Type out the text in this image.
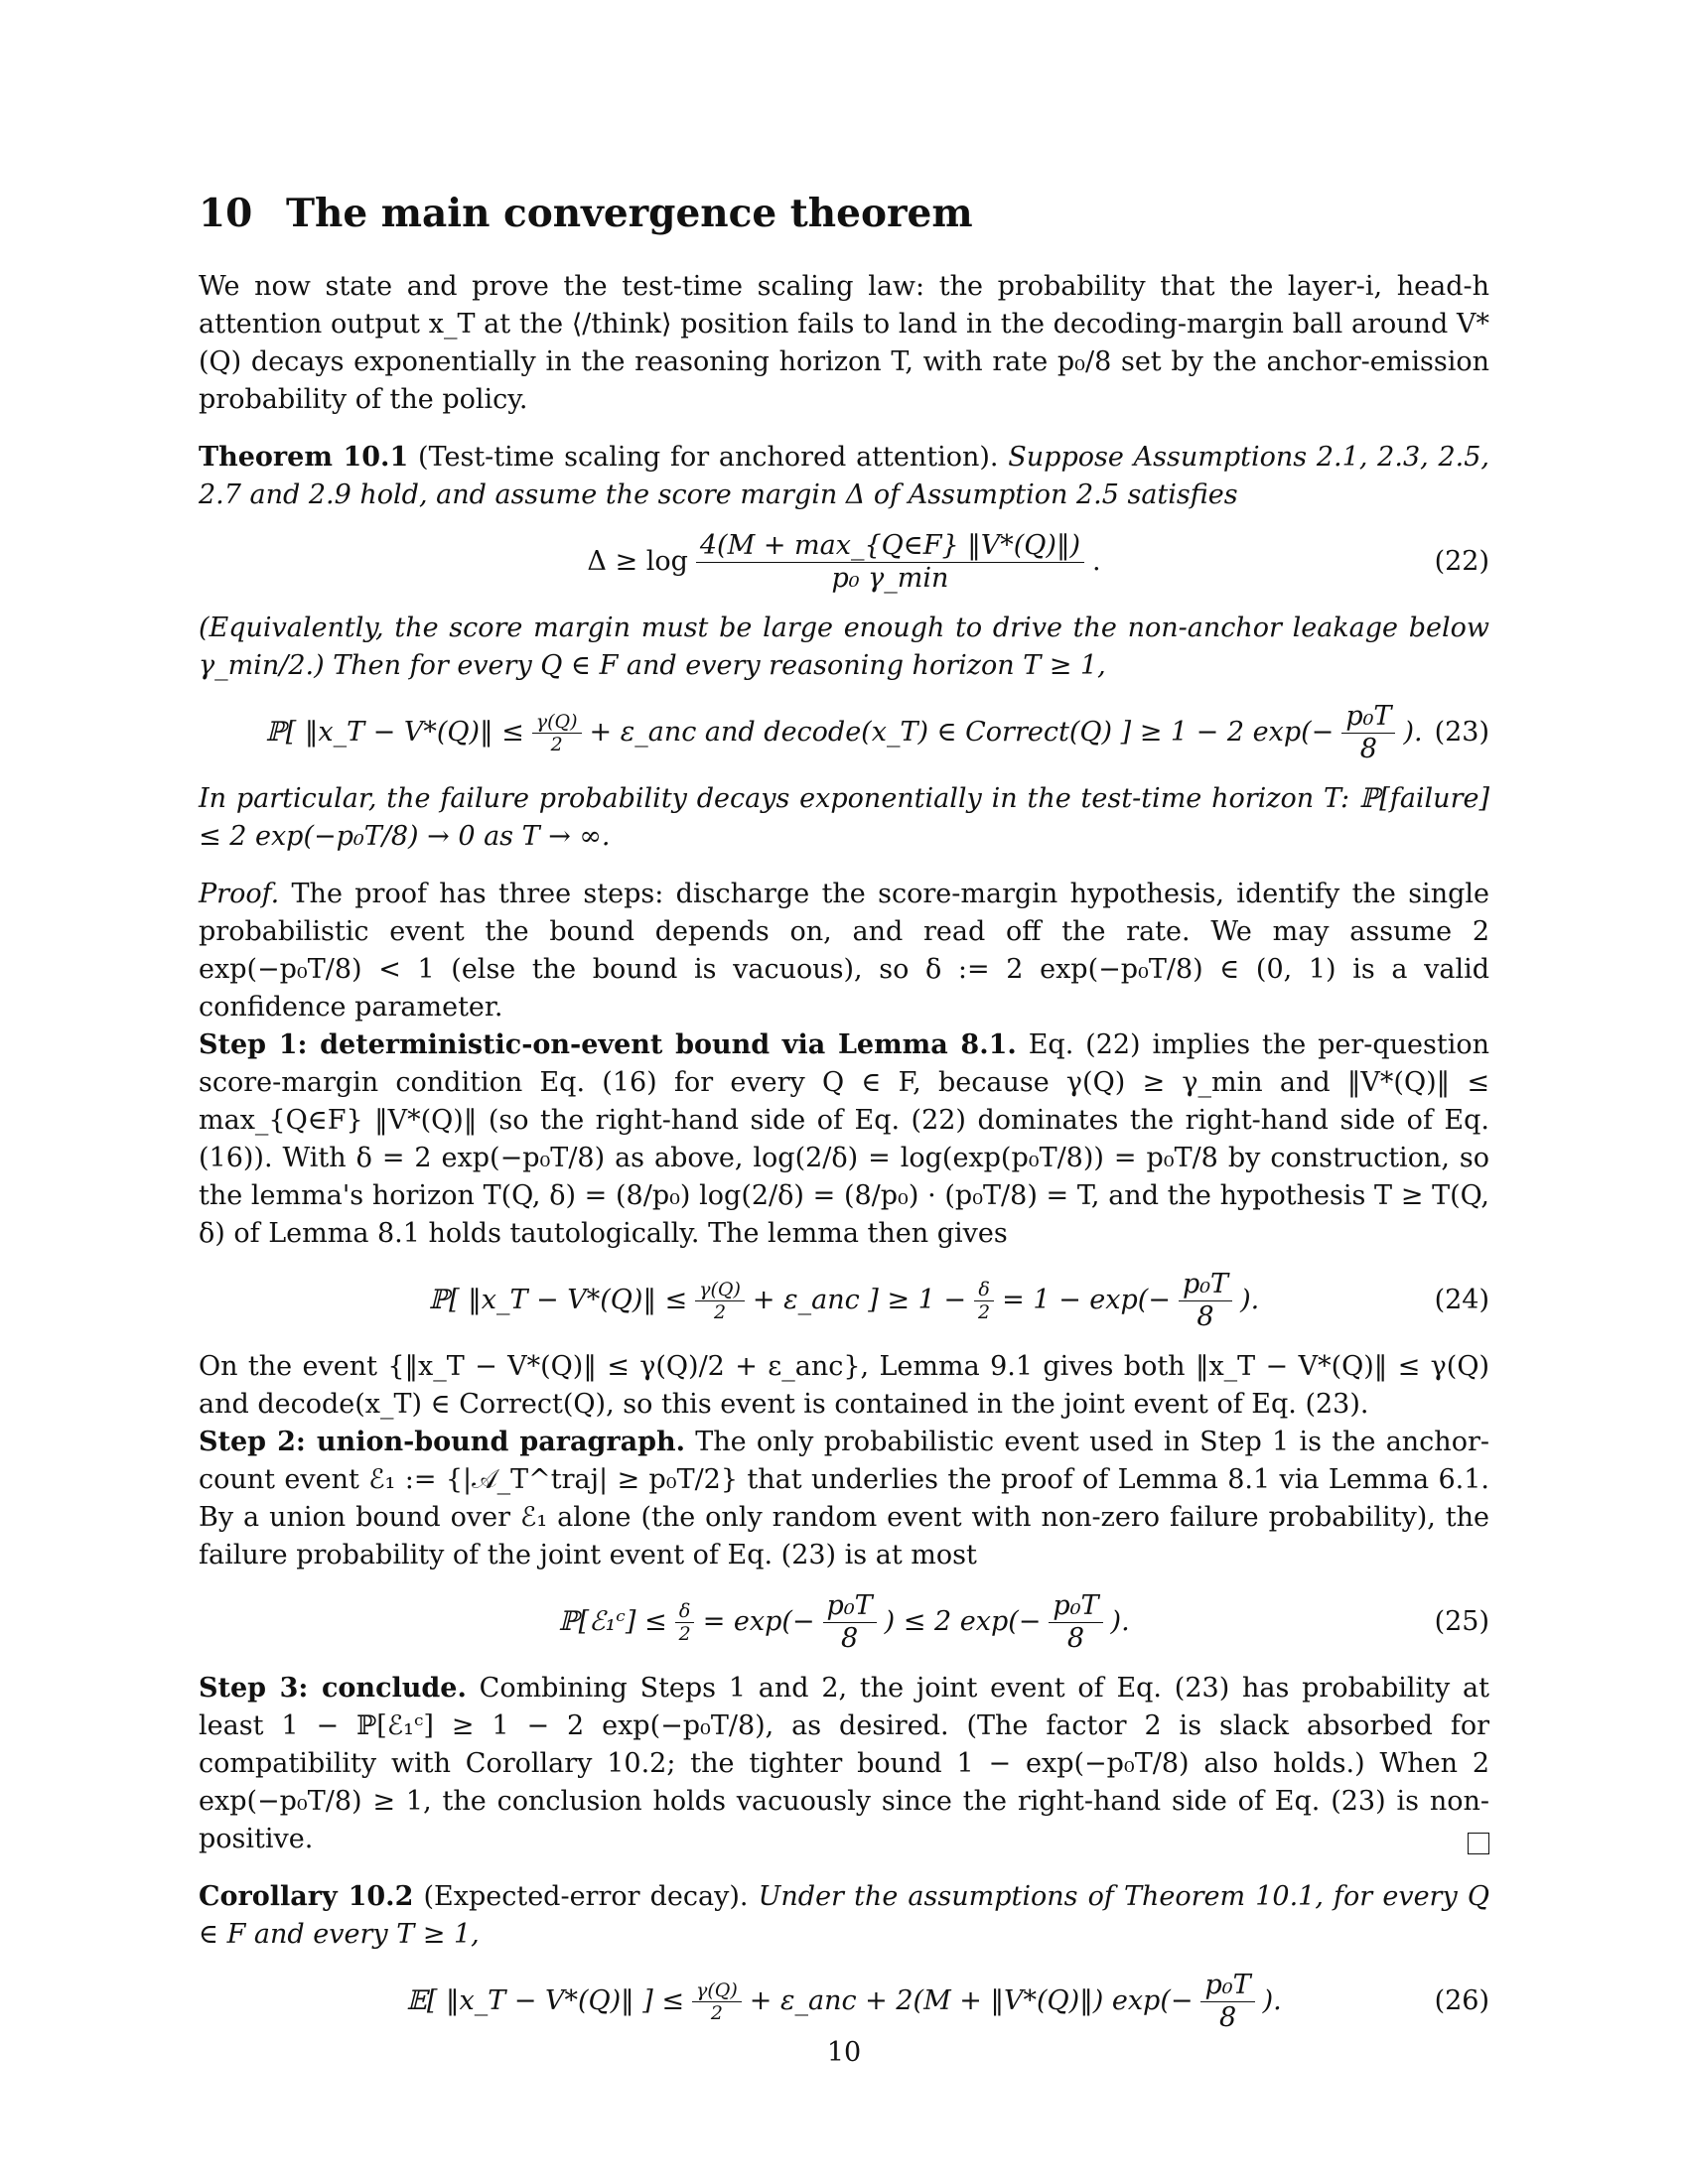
10 The main convergence theorem

We now state and prove the test-time scaling law: the probability that the layer-i, head-h attention output x_T at the ⟨/think⟩ position fails to land in the decoding-margin ball around V*(Q) decays exponentially in the reasoning horizon T, with rate p₀/8 set by the anchor-emission probability of the policy.

Theorem 10.1 (Test-time scaling for anchored attention). Suppose Assumptions 2.1, 2.3, 2.5, 2.7 and 2.9 hold, and assume the score margin Δ of Assumption 2.5 satisfies

$\Delta \ge \log \frac{4(M + \max\_\{Q\in F\} ‖V*(Q)‖)}{\text{p₀ γ\_min}}$ .	(22)

(Equivalently, the score margin must be large enough to drive the non-anchor leakage below γ_min/2.) Then for every Q ∈ F and every reasoning horizon T ≥ 1,

ℙ[ ‖x_T − V*(Q)‖ ≤ $\frac{\gamma(Q)}{2}$ + ε_anc and decode(x_T) ∈ Correct(Q) ] ≥ 1 − 2 $\exp(- \frac{\text{p₀T}}{8}$ ). (23)

In particular, the failure probability decays exponentially in the test-time horizon T: ℙ[failure] ≤ 2 exp(−p₀T/8) → 0 as T → ∞.

Proof. The proof has three steps: discharge the score-margin hypothesis, identify the single probabilistic event the bound depends on, and read off the rate. We may assume 2 exp(−p₀T/8) < 1 (else the bound is vacuous), so δ := 2 exp(−p₀T/8) ∈ (0, 1) is a valid confidence parameter.

Step 1: deterministic-on-event bound via Lemma 8.1. Eq. (22) implies the per-question score-margin condition Eq. (16) for every Q ∈ F, because γ(Q) ≥ γ_min and ‖V*(Q)‖ ≤ max_{Q∈F} ‖V*(Q)‖ (so the right-hand side of Eq. (22) dominates the right-hand side of Eq. (16)). With δ = 2 exp(−p₀T/8) as above, log(2/δ) = log(exp(p₀T/8)) = p₀T/8 by construction, so the lemma's horizon T(Q, δ) = (8/p₀) log(2/δ) = (8/p₀) · (p₀T/8) = T, and the hypothesis T ≥ T(Q, δ) of Lemma 8.1 holds tautologically. The lemma then gives

ℙ[ ‖x_T − V*(Q)‖ ≤ $\frac{\gamma(Q)}{2}$ + ε_anc ] ≥ $1 - \frac{\delta}{2} = 1 - \exp(- \frac{\text{p₀T}}{8}$ ).	(24)

On the event {‖x_T − V*(Q)‖ ≤ γ(Q)/2 + ε_anc}, Lemma 9.1 gives both ‖x_T − V*(Q)‖ ≤ γ(Q) and decode(x_T) ∈ Correct(Q), so this event is contained in the joint event of Eq. (23).

Step 2: union-bound paragraph. The only probabilistic event used in Step 1 is the anchor-count event ℰ₁ := {|𝒜_T^traj| ≥ p₀T/2} that underlies the proof of Lemma 8.1 via Lemma 6.1. By a union bound over ℰ₁ alone (the only random event with non-zero failure probability), the failure probability of the joint event of Eq. (23) is at most

ℙ[ℰ₁ᶜ] ≤ $\frac{\delta}{2} = \exp(- \frac{\text{p₀T}}{8}$ ) ≤ 2 $\exp(- \frac{\text{p₀T}}{8}$ ).	(25)

Step 3: conclude. Combining Steps 1 and 2, the joint event of Eq. (23) has probability at least 1 − ℙ[ℰ₁ᶜ] ≥ 1 − 2 exp(−p₀T/8), as desired. (The factor 2 is slack absorbed for compatibility with Corollary 10.2; the tighter bound 1 − exp(−p₀T/8) also holds.) When 2 exp(−p₀T/8) ≥ 1, the conclusion holds vacuously since the right-hand side of Eq. (23) is non-positive.

Corollary 10.2 (Expected-error decay). Under the assumptions of Theorem 10.1, for every Q ∈ F and every T ≥ 1,

𝔼[ ‖x_T − V*(Q)‖ ] ≤ $\frac{\gamma(Q)}{2}$ + ε_anc + 2(M + ‖V*(Q)‖) $\exp(- \frac{\text{p₀T}}{8}$ ).	(26)
10
